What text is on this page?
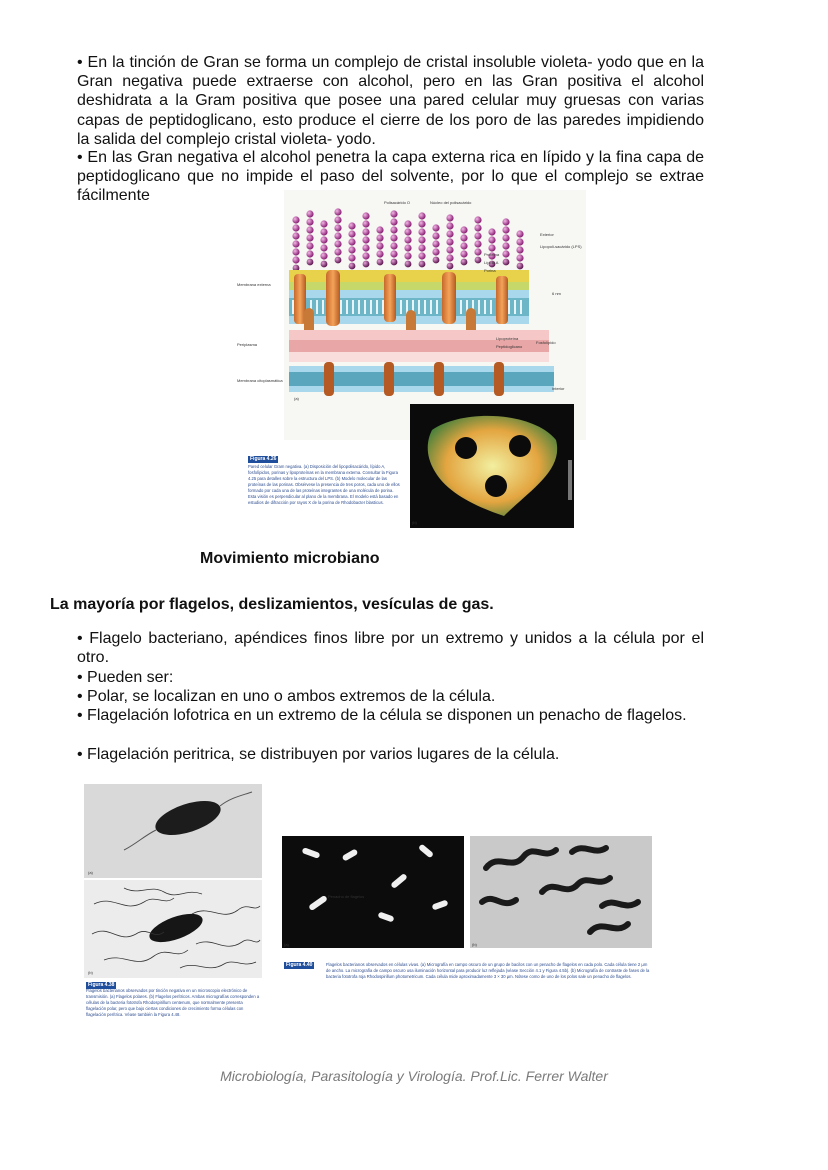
• En la tinción de Gran se forma un complejo de cristal insoluble violeta- yodo que en la Gran negativa puede extraerse con alcohol, pero en las Gran positiva el alcohol deshidrata a la Gram positiva que posee una pared celular muy gruesas con varias capas de peptidoglicano, esto produce el cierre de los poro de las paredes impidiendo la salida del complejo cristal violeta- yodo.

• En las Gran negativa el alcohol penetra la capa externa rica en lípido y la fina capa de peptidoglicano que no impide el paso del solvente, por lo que el complejo se extrae fácilmente

Membrana externa
Periplasma
Membrana citoplasmática
(a)
Polisacárido O	Núcleo del polisacárido
Exterior
Lipopoli-sacárido (LPS)
Proteína
Lípido A
Porina
6 nm
Lipoproteína
Peptidoglicano
Fosfolípido
Interior
(b)
Figura 4.26
Pared celular Gram negativa. (a) Disposición del lipopolisacárido, lípido A, fosfolípidos, porinas y lipoproteínas en la membrana externa. Consultar la Figura 4.25 para detalles sobre la estructura del LPS. (b) Modelo molecular de las proteínas de las porinas. Obsérvese la presencia de tres poros, cada uno de ellos formado por cada una de las proteínas integrantes de una molécula de porina. Esta visión es perpendicular al plano de la membrana. El modelo está basado en estudios de difracción por rayos X de la porina de Rhodobacter blasticus.
Movimiento microbiano
La mayoría por flagelos, deslizamientos, vesículas de gas.

• Flagelo bacteriano, apéndices finos libre por un extremo y unidos a la célula por el otro.

• Pueden ser:

• Polar, se localizan en uno o ambos extremos de la célula.

• Flagelación lofotrica en un extremo de la célula se disponen un penacho de flagelos.

• Flagelación peritrica, se distribuyen por varios lugares de la célula.

(a)
(b)
Figura 4.38
Flagelos bacterianos observados por tinción negativa en un microscopio electrónico de transmisión. (a) Flagelos polares. (b) Flagelos perítricos. Ambas micrografías corresponden a células de la bacteria fototrofa Rhodospirillum centenum, que normalmente presenta flagelación polar, pero que bajo ciertas condiciones de crecimiento forma células con flagelación perítrica. Véase también la Figura 4.48.
Penacho de flagelos
(a)	(b)
Figura 4.40	Flagelos bacterianos observados en células vivas. (a) Micrografía en campo oscuro de un grupo de bacilos con un penacho de flagelos en cada polo. Cada célula tiene 2 µm de ancho. La micrografía de campo oscuro usa iluminación horizontal para producir luz reflejada (véase Sección 4.1 y Figura 4.5b). (b) Micrografía de contraste de fases de la bacteria fototrofa roja Rhodospirillum photometricum. Cada célula mide aproximadamente 3 × 30 µm. Nótese como de uno de los polos sale un penacho de flagelos.
Microbiología, Parasitología y Virología. Prof.Lic. Ferrer Walter
